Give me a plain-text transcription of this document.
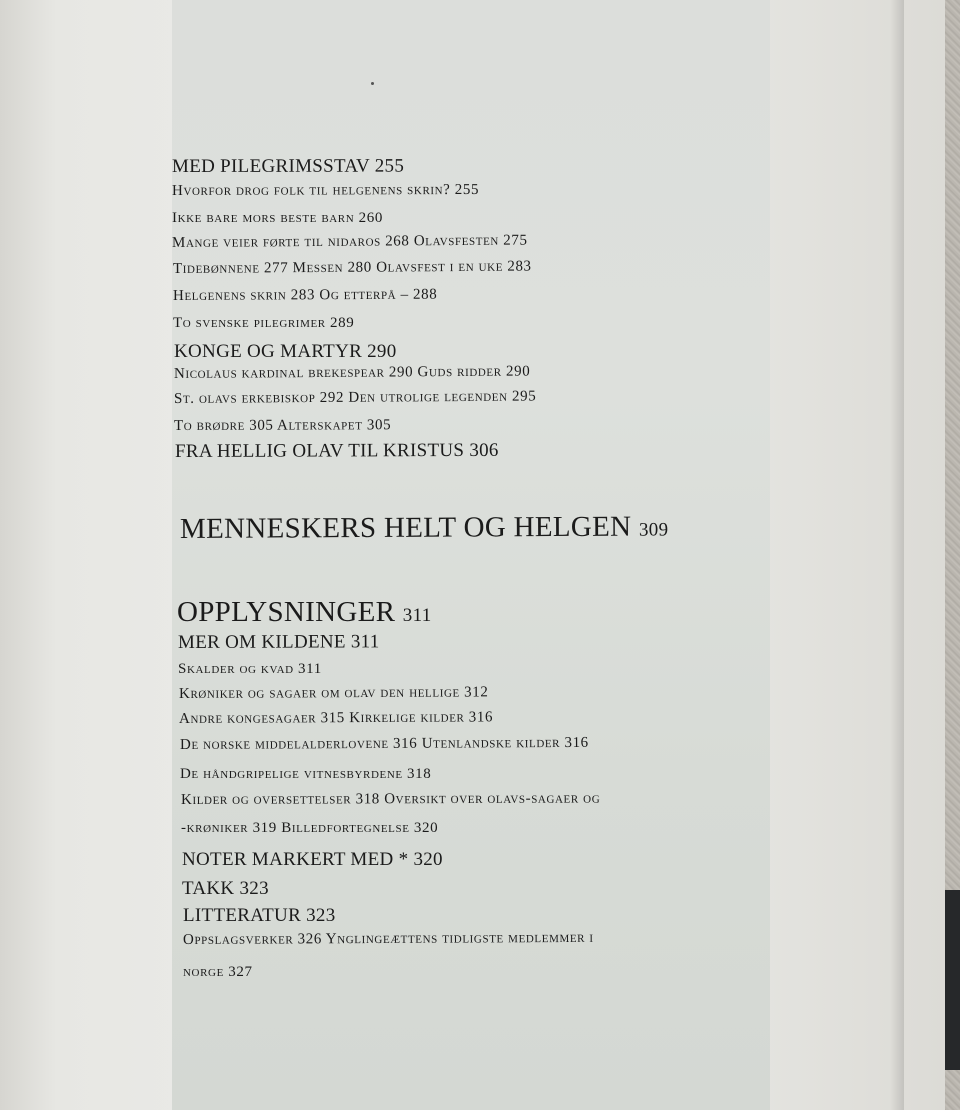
MED PILEGRIMSSTAV 255
Hvorfor drog folk til helgenens skrin? 255
Ikke bare mors beste barn 260
Mange veier førte til nidaros 268 Olavsfesten 275
Tidebønnene 277 Messen 280 Olavsfest i en uke 283
Helgenens skrin 283 Og etterpå – 288
To svenske pilegrimer 289
KONGE OG MARTYR 290
Nicolaus kardinal brekespear 290 Guds ridder 290
St. olavs erkebiskop 292 Den utrolige legenden 295
To brødre 305 Alterskapet 305
FRA HELLIG OLAV TIL KRISTUS 306
MENNESKERS HELT OG HELGEN 309
OPPLYSNINGER 311
MER OM KILDENE 311
Skalder og kvad 311
Krøniker og sagaer om olav den hellige 312
Andre kongesagaer 315 Kirkelige kilder 316
De norske middelalderlovene 316 Utenlandske kilder 316
De håndgripelige vitnesbyrdene 318
Kilder og oversettelser 318 Oversikt over olavs-sagaer og
-krøniker 319 Billedfortegnelse 320
NOTER MARKERT MED * 320
TAKK 323
LITTERATUR 323
Oppslagsverker 326 Ynglingeættens tidligste medlemmer i
norge 327
